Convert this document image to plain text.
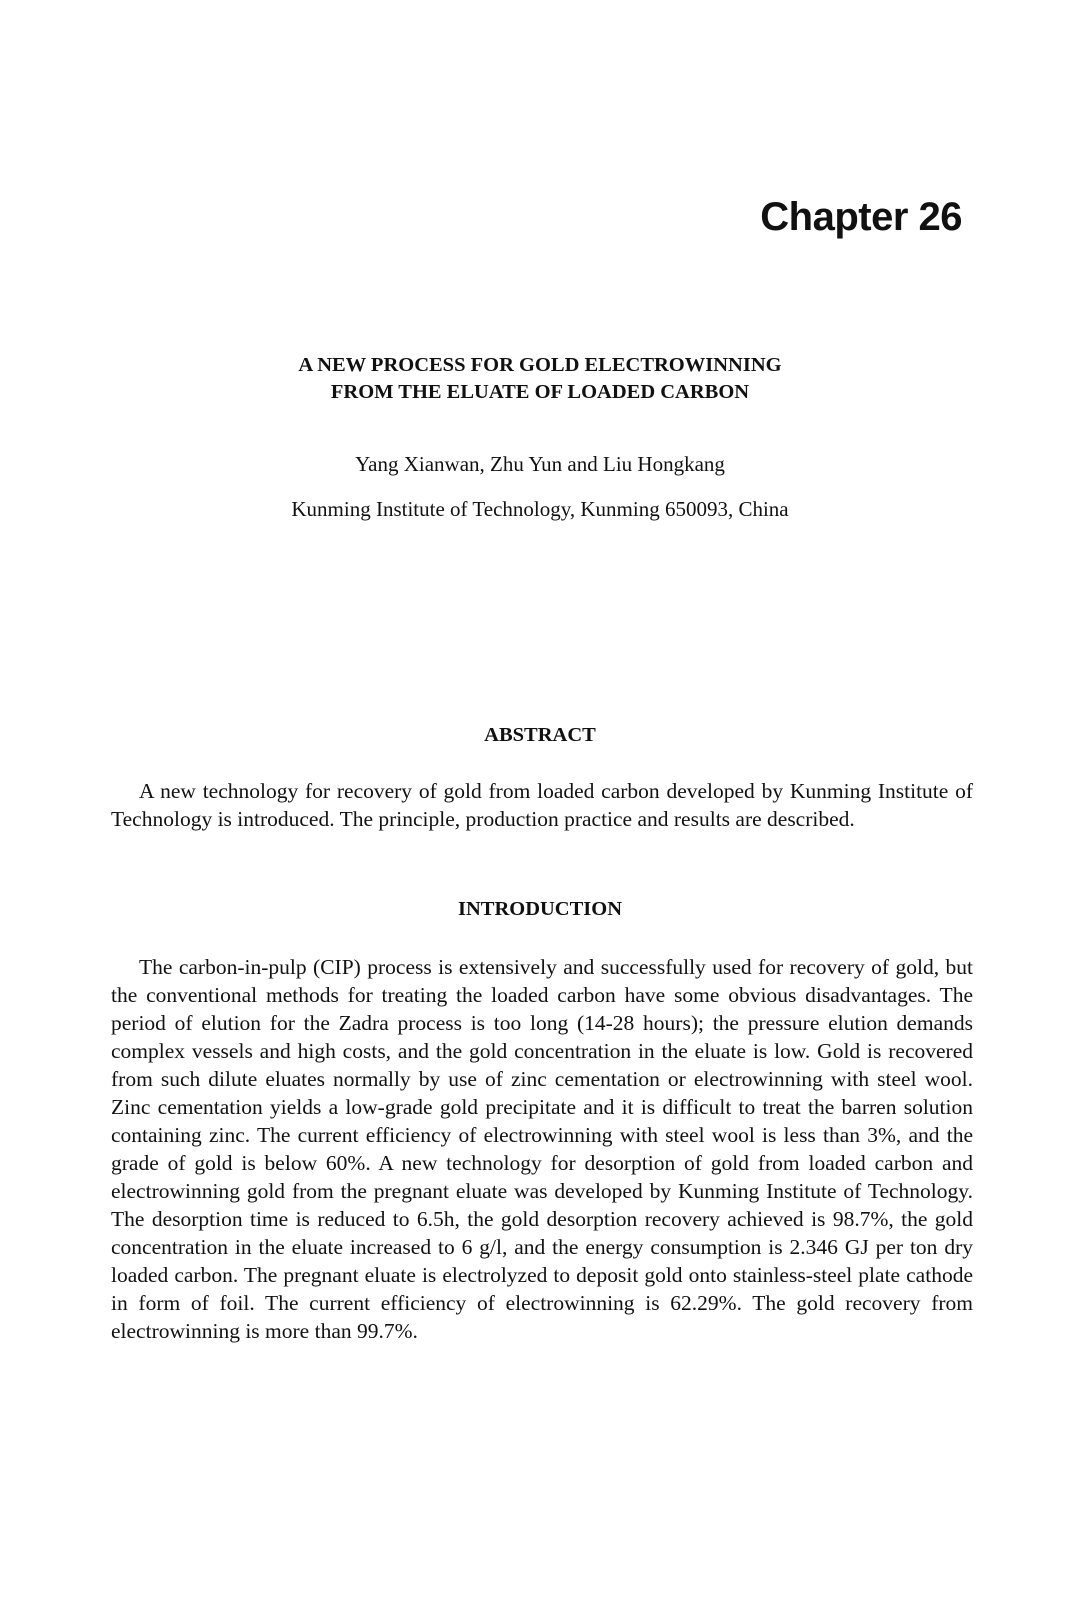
Chapter 26
A NEW PROCESS FOR GOLD ELECTROWINNING
FROM THE ELUATE OF LOADED CARBON

Yang Xianwan, Zhu Yun and Liu Hongkang

Kunming Institute of Technology, Kunming 650093, China

ABSTRACT

A new technology for recovery of gold from loaded carbon developed by Kunming Institute of Technology is introduced. The principle, production practice and results are described.

INTRODUCTION

The carbon-in-pulp (CIP) process is extensively and successfully used for recovery of gold, but the conventional methods for treating the loaded carbon have some obvious disadvantages. The period of elution for the Zadra process is too long (14-28 hours); the pressure elution demands complex vessels and high costs, and the gold concentration in the eluate is low. Gold is recovered from such dilute eluates normally by use of zinc cementation or electrowinning with steel wool. Zinc cementation yields a low-grade gold precipitate and it is difficult to treat the barren solution containing zinc. The current efficiency of electrowinning with steel wool is less than 3%, and the grade of gold is below 60%. A new technology for desorption of gold from loaded carbon and electrowinning gold from the pregnant eluate was developed by Kunming Institute of Technology. The desorption time is reduced to 6.5h, the gold desorption recovery achieved is 98.7%, the gold concentration in the eluate increased to 6 g/l, and the energy consumption is 2.346 GJ per ton dry loaded carbon. The pregnant eluate is electrolyzed to deposit gold onto stainless-steel plate cathode in form of foil. The current efficiency of electrowinning is 62.29%. The gold recovery from electrowinning is more than 99.7%.
